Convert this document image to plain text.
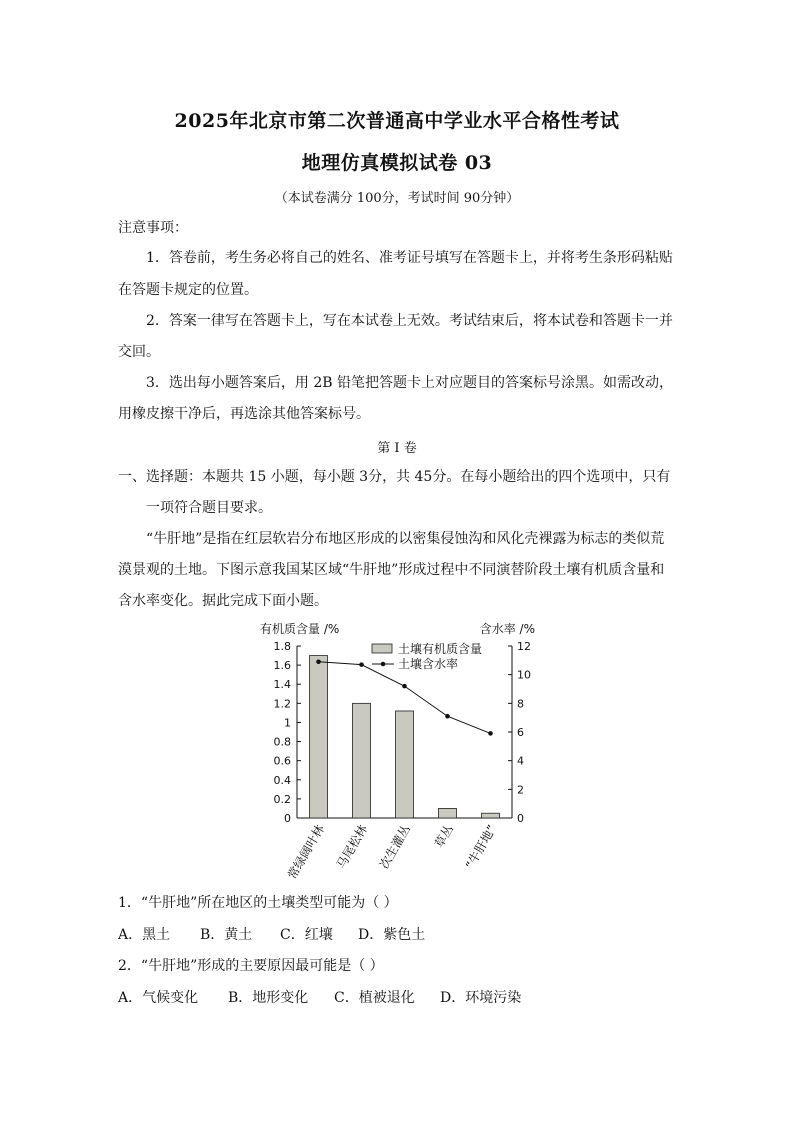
2025年北京市第二次普通高中学业水平合格性考试
地理仿真模拟试卷 03
（本试卷满分 100分，考试时间 90分钟）
注意事项：
1．答卷前，考生务必将自己的姓名、准考证号填写在答题卡上，并将考生条形码粘贴
在答题卡规定的位置。
2．答案一律写在答题卡上，写在本试卷上无效。考试结束后，将本试卷和答题卡一并
交回。
3．选出每小题答案后，用 2B 铅笔把答题卡上对应题目的答案标号涂黑。如需改动，
用橡皮擦干净后，再选涂其他答案标号。
第 I 卷
一、选择题：本题共 15 小题，每小题 3分，共 45分。在每小题给出的四个选项中，只有
一项符合题目要求。
“牛肝地”是指在红层软岩分布地区形成的以密集侵蚀沟和风化壳裸露为标志的类似荒
漠景观的土地。下图示意我国某区域“牛肝地”形成过程中不同演替阶段土壤有机质含量和
含水率变化。据此完成下面小题。
有机质含量 /%	含水率 /%
0
0.2
0.4
0.6
0.8
1
1.2
1.4
1.6
1.8
0
2
4
6
8
10
12
常绿阔叶林 马尾松林 次生灌丛 草丛 “牛肝地”
土壤有机质含量
土壤含水率
1．“牛肝地”所在地区的土壤类型可能为（ ）
A．黑土 B．黄土 C．红壤 D．紫色土
2．“牛肝地”形成的主要原因最可能是（ ）
A．气候变化 B．地形变化 C．植被退化 D．环境污染
